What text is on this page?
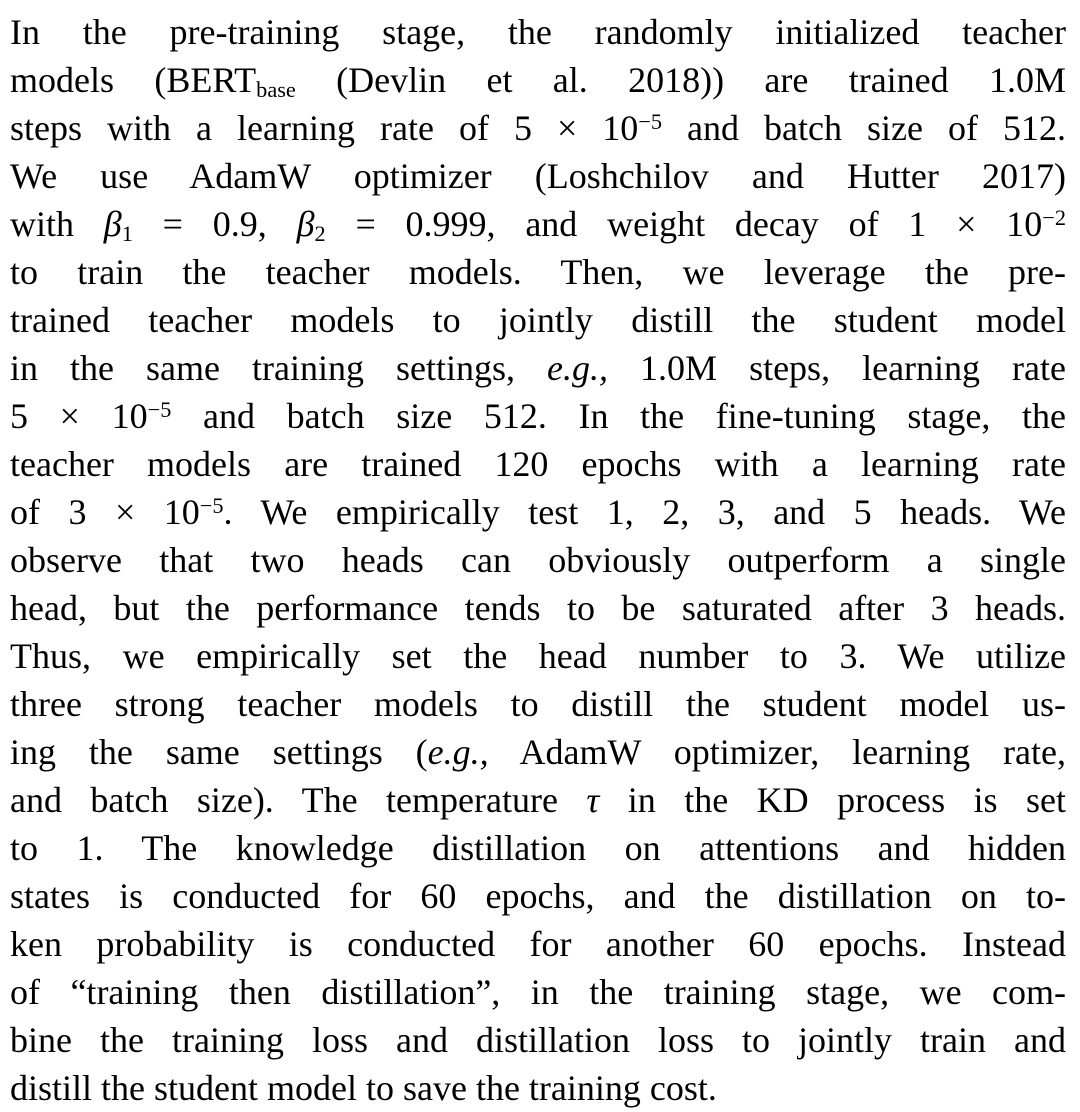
In the pre-training stage, the randomly initialized teacher
models (BERTbase (Devlin et al. 2018)) are trained 1.0M
steps with a learning rate of $5 \times 10^{-5}$ and batch size of 512.
We use AdamW optimizer (Loshchilov and Hutter 2017)
with β1 = 0.9, β2 = 0.999, and weight decay of $1 \times 10^{-2}$
to train the teacher models. Then, we leverage the pre-
trained teacher models to jointly distill the student model
in the same training settings, e.g., 1.0M steps, learning rate
$5 \times 10^{-5}$ and batch size 512. In the fine-tuning stage, the
teacher models are trained 120 epochs with a learning rate
of $3 \times 10^{-5}$. We empirically test 1, 2, 3, and 5 heads. We
observe that two heads can obviously outperform a single
head, but the performance tends to be saturated after 3 heads.
Thus, we empirically set the head number to 3. We utilize
three strong teacher models to distill the student model us-
ing the same settings (e.g., AdamW optimizer, learning rate,
and batch size). The temperature τ in the KD process is set
to 1. The knowledge distillation on attentions and hidden
states is conducted for 60 epochs, and the distillation on to-
ken probability is conducted for another 60 epochs. Instead
of “training then distillation”, in the training stage, we com-
bine the training loss and distillation loss to jointly train and
distill the student model to save the training cost.
